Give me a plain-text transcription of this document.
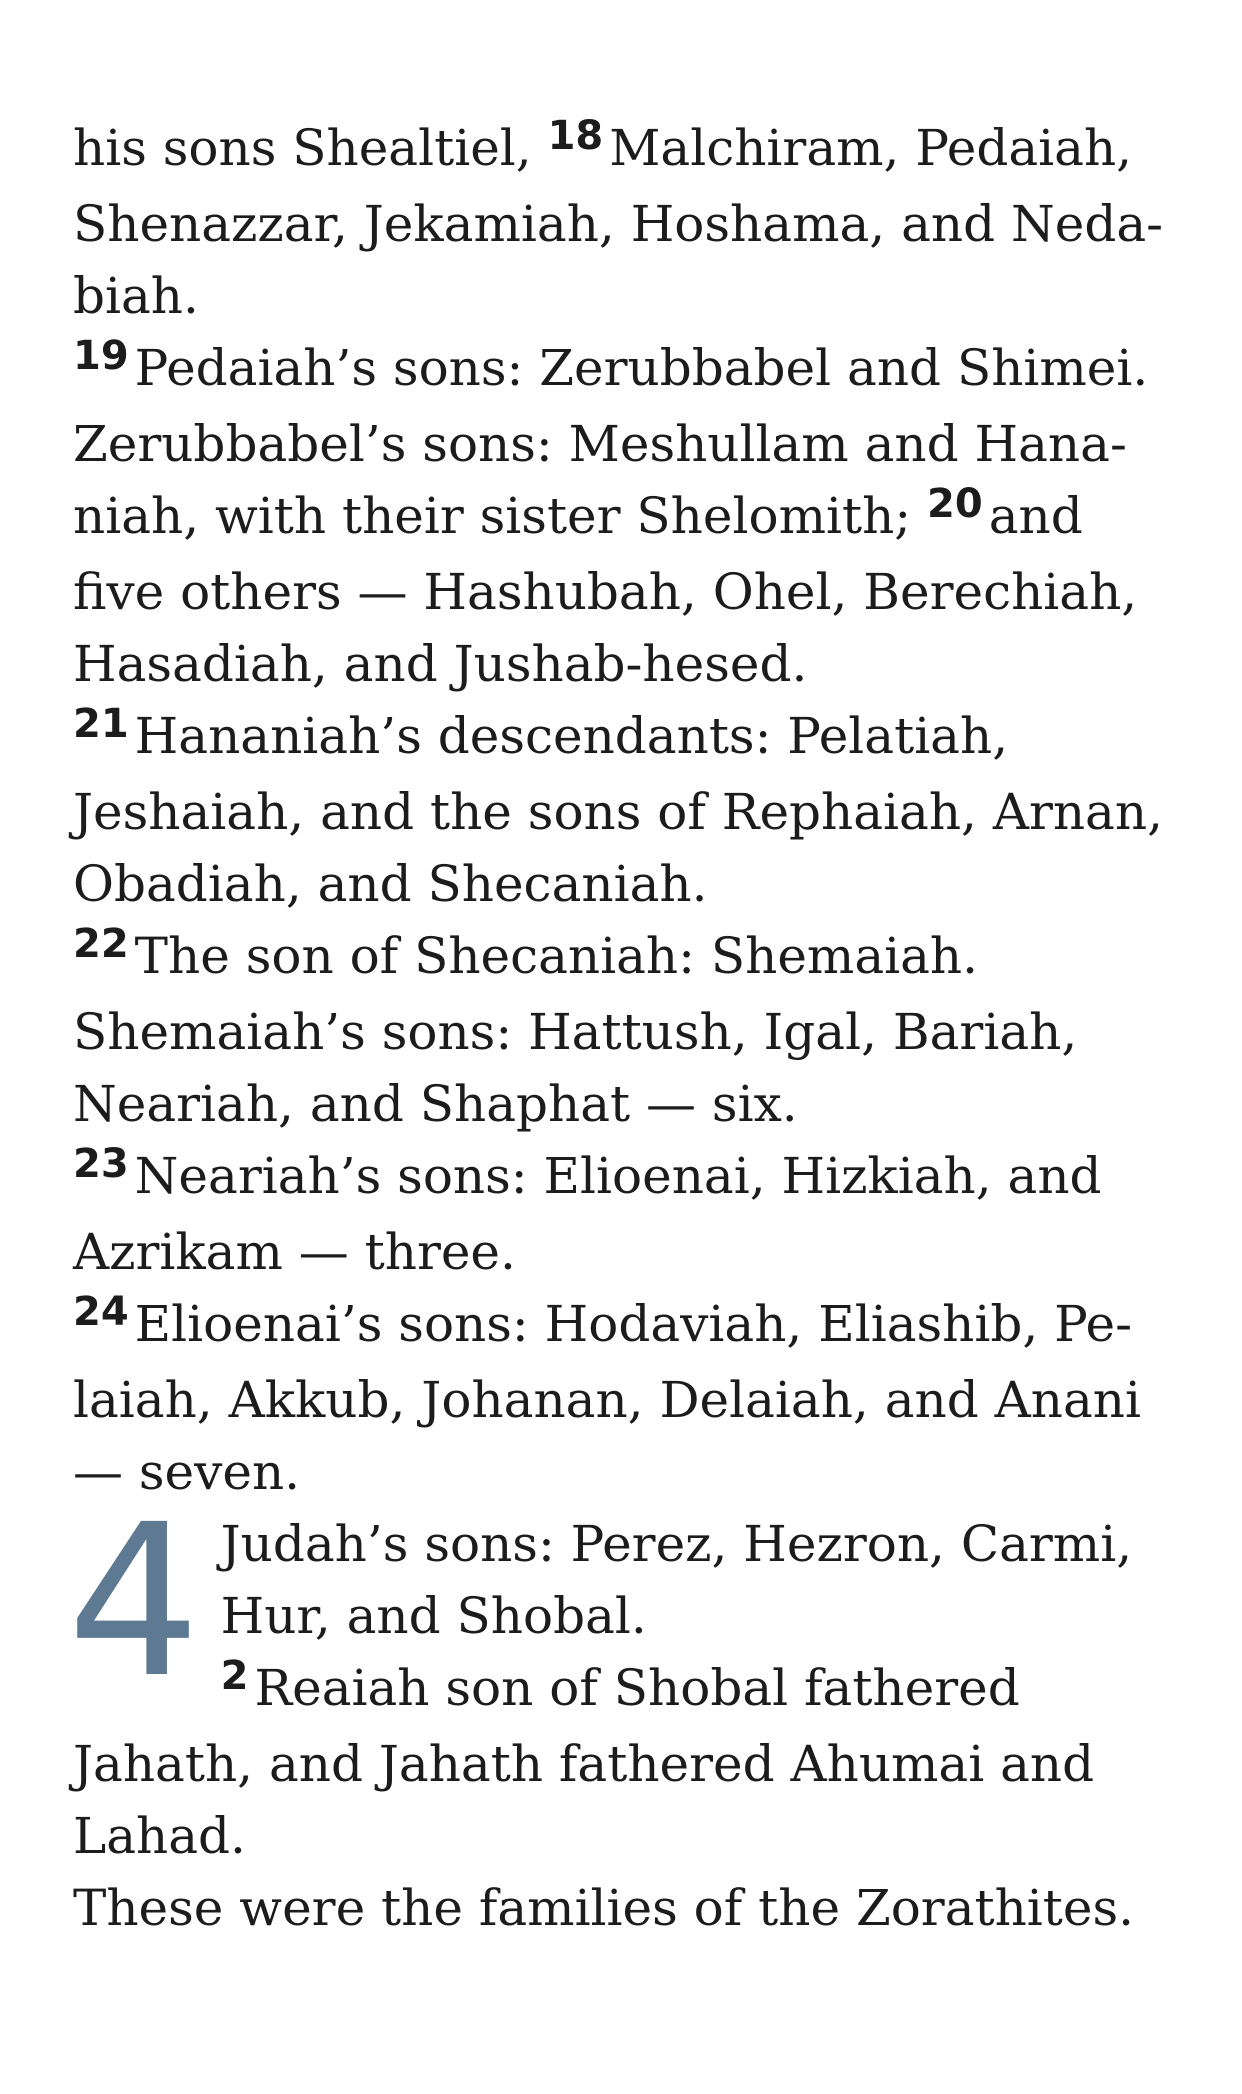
his sons Shealtiel, $^{18}$ Malchiram, Pedaiah, Shenazzar, Jekamiah, Hoshama, and Nedabiah.

$^{19}$ Pedaiah’s sons: Zerubbabel and Shimei. Zerubbabel’s sons: Meshullam and Hananiah, with their sister Shelomith; $^{20}$ and five others — Hashubah, Ohel, Berechiah, Hasadiah, and Jushab-hesed.

$^{21}$ Hananiah’s descendants: Pelatiah, Jeshaiah, and the sons of Rephaiah, Arnan, Obadiah, and Shecaniah.

$^{22}$ The son of Shecaniah: Shemaiah. Shemaiah’s sons: Hattush, Igal, Bariah, Neariah, and Shaphat — six.

$^{23}$ Neariah’s sons: Elioenai, Hizkiah, and Azrikam — three.

$^{24}$ Elioenai’s sons: Hodaviah, Eliashib, Pelaiah, Akkub, Johanan, Delaiah, and Anani — seven.

4 Judah’s sons: Perez, Hezron, Carmi, Hur, and Shobal.
$^2$ Reaiah son of Shobal fathered Jahath, and Jahath fathered Ahumai and Lahad.

These were the families of the Zorathites.
